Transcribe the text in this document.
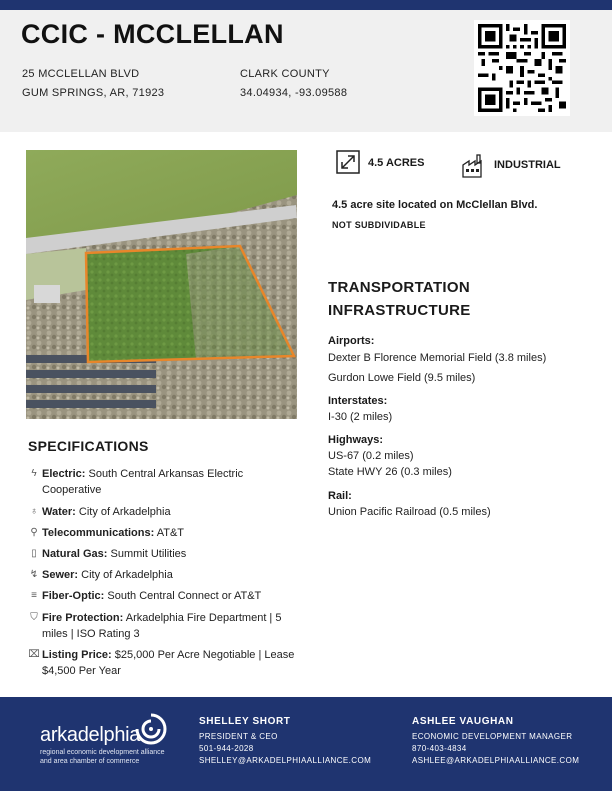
CCIC - MCCLELLAN
25 MCCLELLAN BLVD
GUM SPRINGS, AR, 71923
CLARK COUNTY
34.04934, -93.09588
4.5 ACRES	INDUSTRIAL
4.5 acre site located on McClellan Blvd.
NOT SUBDIVIDABLE
SPECIFICATIONS
ϟ Electric: South Central Arkansas Electric Cooperative
♁ Water: City of Arkadelphia
⚲ Telecommunications: AT&T
▯ Natural Gas: Summit Utilities
↯ Sewer: City of Arkadelphia
≡ Fiber-Optic: South Central Connect or AT&T
⛉ Fire Protection: Arkadelphia Fire Department | 5 miles | ISO Rating 3
⌧ Listing Price: $25,000 Per Acre Negotiable | Lease $4,500 Per Year
TRANSPORTATION
INFRASTRUCTURE
Airports:
Dexter B Florence Memorial Field (3.8 miles)
Gurdon Lowe Field (9.5 miles)
Interstates:
I-30 (2 miles)
Highways:
US-67 (0.2 miles)
State HWY 26 (0.3 miles)
Rail:
Union Pacific Railroad (0.5 miles)
arkadelphia
regional economic development alliance
and area chamber of commerce
SHELLEY SHORT
PRESIDENT & CEO
501-944-2028
SHELLEY@ARKADELPHIAALLIANCE.COM
ASHLEE VAUGHAN
ECONOMIC DEVELOPMENT MANAGER
870-403-4834
ASHLEE@ARKADELPHIAALLIANCE.COM
